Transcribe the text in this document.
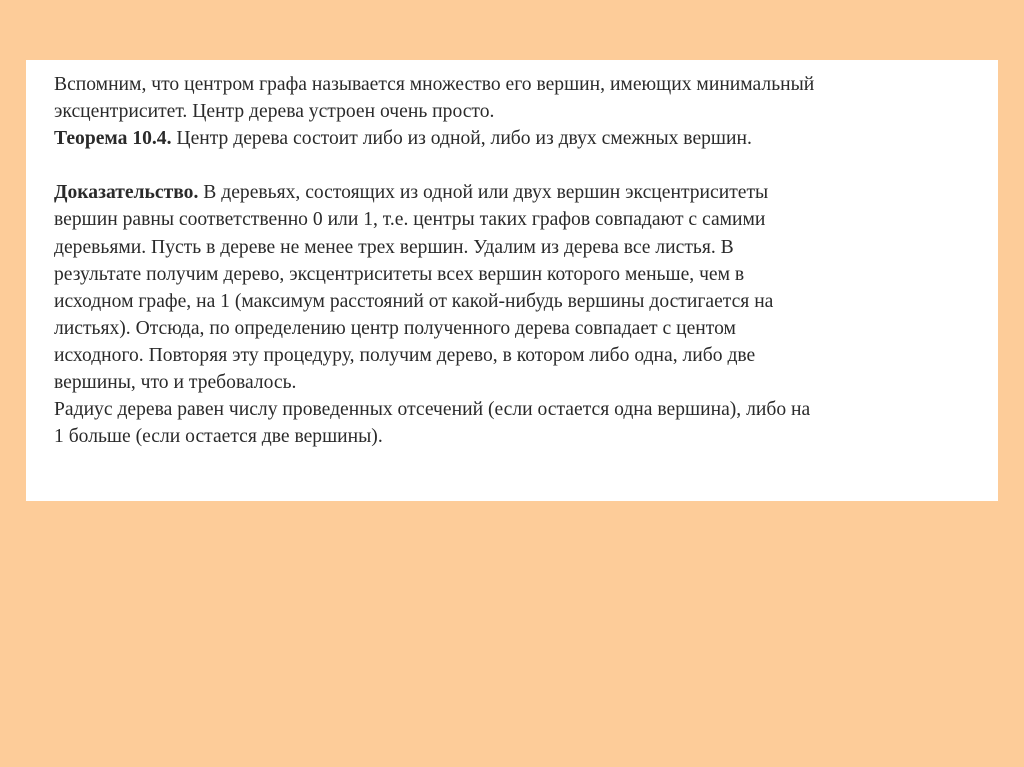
Вспомним, что центром графа называется множество его вершин, имеющих минимальный
эксцентриситет. Центр дерева устроен очень просто.
Теорема 10.4. Центр дерева состоит либо из одной, либо из двух смежных вершин.
Доказательство. В деревьях, состоящих из одной или двух вершин эксцентриситеты
вершин равны соответственно 0 или 1, т.е. центры таких графов совпадают с самими
деревьями. Пусть в дереве не менее трех вершин. Удалим из дерева все листья. В
результате получим дерево, эксцентриситеты всех вершин которого меньше, чем в
исходном графе, на 1 (максимум расстояний от какой-нибудь вершины достигается на
листьях). Отсюда, по определению центр полученного дерева совпадает с центом
исходного. Повторяя эту процедуру, получим дерево, в котором либо одна, либо две
вершины, что и требовалось.
Радиус дерева равен числу проведенных отсечений (если остается одна вершина), либо на
1 больше (если остается две вершины).
